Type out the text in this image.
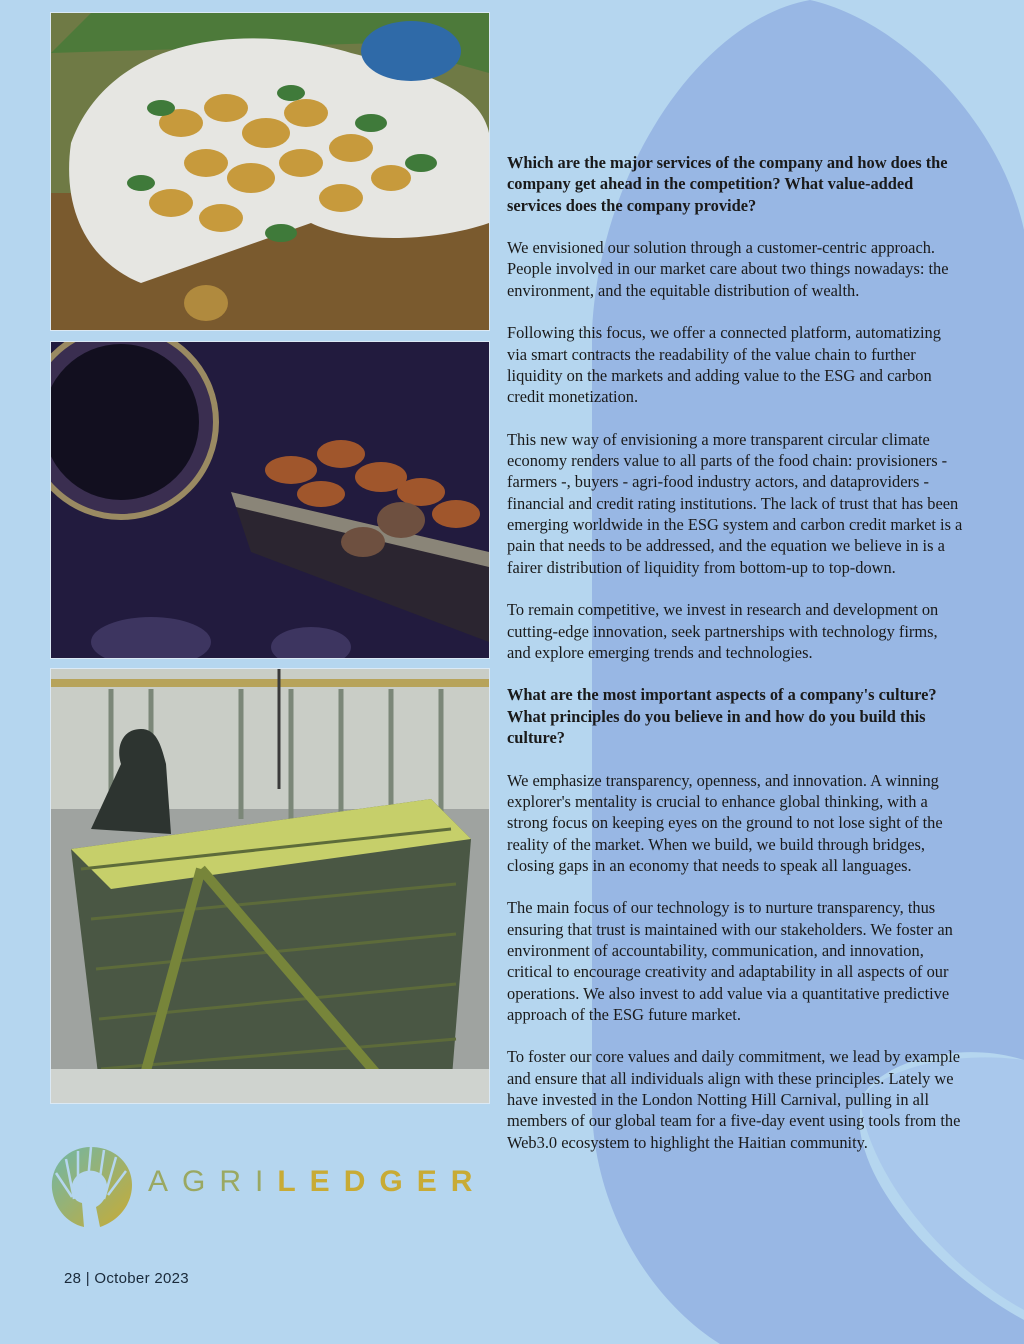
Which are the major services of the company and how does the company get ahead in the competition? What value-added services does the company provide?

We envisioned our solution through a customer-centric approach. People involved in our market care about two things nowadays: the environment, and the equitable distribution of wealth.

Following this focus, we offer a connected platform, automatizing via smart contracts the readability of the value chain to further liquidity on the markets and adding value to the ESG and carbon credit monetization.

This new way of envisioning a more transparent circular climate economy renders value to all parts of the food chain: provisioners - farmers -, buyers - agri-food industry actors, and dataproviders - financial and credit rating institutions. The lack of trust that has been emerging worldwide in the ESG system and carbon credit market is a pain that needs to be addressed, and the equation we believe in is a fairer distribution of liquidity from bottom-up to top-down.

To remain competitive, we invest in research and development on cutting-edge innovation, seek partnerships with technology firms, and explore emerging trends and technologies.

What are the most important aspects of a company's culture? What principles do you believe in and how do you build this culture?

We emphasize transparency, openness, and innovation. A winning explorer's mentality is crucial to enhance global thinking, with a strong focus on keeping eyes on the ground to not lose sight of the reality of the market. When we build, we build through bridges, closing gaps in an economy that needs to speak all languages.

The main focus of our technology is to nurture transparency, thus ensuring that trust is maintained with our stakeholders. We foster an environment of accountability, communication, and innovation, critical to encourage creativity and adaptability in all aspects of our operations. We also invest to add value via a quantitative predictive approach of the ESG future market.

To foster our core values and daily commitment, we lead by example and ensure that all individuals align with these principles. Lately we have invested in the London Notting Hill Carnival, pulling in all members of our global team for a five-day event using tools from the Web3.0 ecosystem to highlight the Haitian community.

AGRILEDGER
28 | October 2023
